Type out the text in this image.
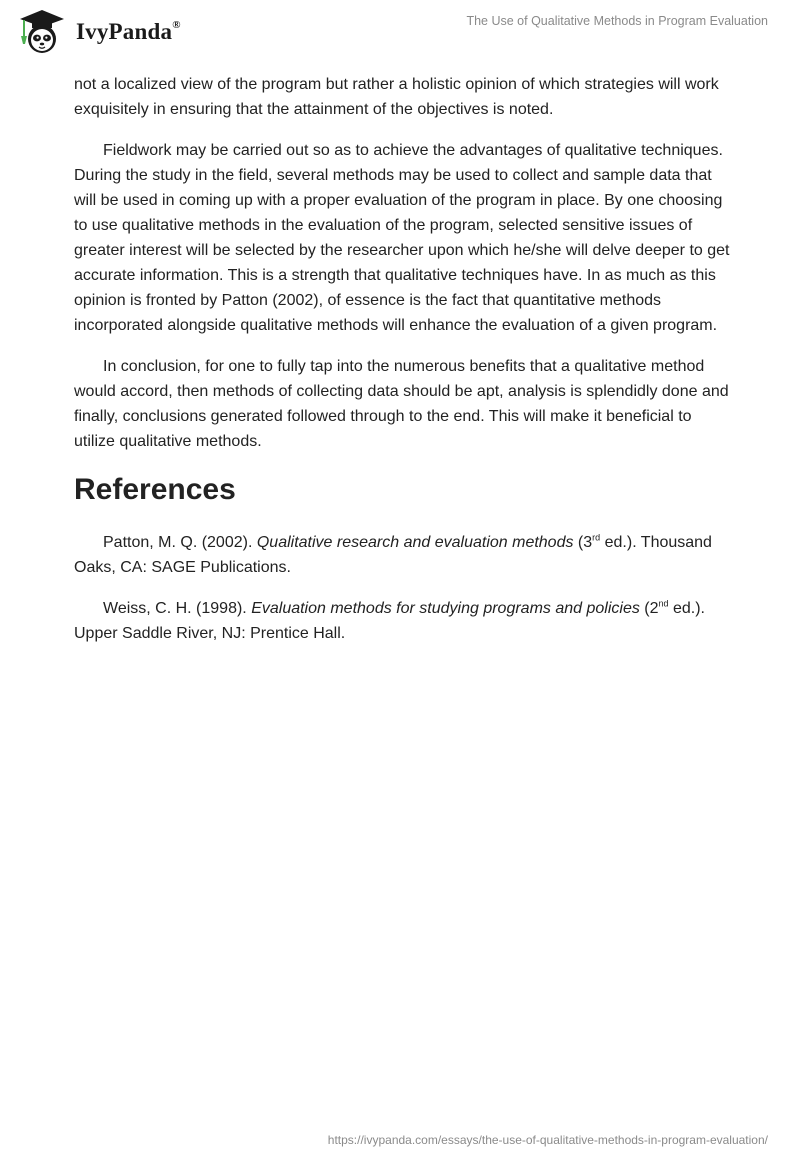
IvyPanda®	The Use of Qualitative Methods in Program Evaluation

not a localized view of the program but rather a holistic opinion of which strategies will work exquisitely in ensuring that the attainment of the objectives is noted.

Fieldwork may be carried out so as to achieve the advantages of qualitative techniques. During the study in the field, several methods may be used to collect and sample data that will be used in coming up with a proper evaluation of the program in place. By one choosing to use qualitative methods in the evaluation of the program, selected sensitive issues of greater interest will be selected by the researcher upon which he/she will delve deeper to get accurate information. This is a strength that qualitative techniques have. In as much as this opinion is fronted by Patton (2002), of essence is the fact that quantitative methods incorporated alongside qualitative methods will enhance the evaluation of a given program.

In conclusion, for one to fully tap into the numerous benefits that a qualitative method would accord, then methods of collecting data should be apt, analysis is splendidly done and finally, conclusions generated followed through to the end. This will make it beneficial to utilize qualitative methods.

References
Patton, M. Q. (2002). Qualitative research and evaluation methods (3rd ed.). Thousand Oaks, CA: SAGE Publications.
Weiss, C. H. (1998). Evaluation methods for studying programs and policies (2nd ed.). Upper Saddle River, NJ: Prentice Hall.
https://ivypanda.com/essays/the-use-of-qualitative-methods-in-program-evaluation/
